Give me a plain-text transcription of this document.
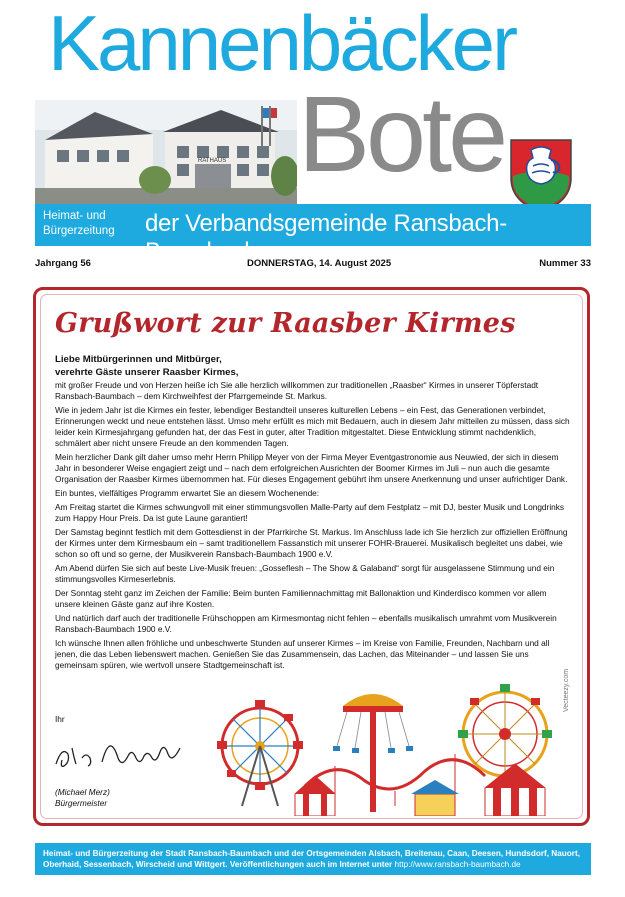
Kannenbäcker
RATHAUS Bote
Heimat- und
Bürgerzeitung der Verbandsgemeinde Ransbach-Baumbach
Jahrgang 56	DONNERSTAG, 14. August 2025	Nummer 33
Grußwort zur Raasber Kirmes
Liebe Mitbürgerinnen und Mitbürger,
verehrte Gäste unserer Raasber Kirmes,

mit großer Freude und von Herzen heiße ich Sie alle herzlich willkommen zur traditionellen „Raasber“ Kirmes in unserer Töpferstadt Ransbach-Baumbach – dem Kirchweihfest der Pfarrgemeinde St. Markus.

Wie in jedem Jahr ist die Kirmes ein fester, lebendiger Bestandteil unseres kulturellen Lebens – ein Fest, das Generationen verbindet, Erinnerungen weckt und neue entstehen lässt. Umso mehr erfüllt es mich mit Bedauern, auch in diesem Jahr mitteilen zu müssen, dass sich leider kein Kirmesjahrgang gefunden hat, der das Fest in guter, alter Tradition mitgestaltet. Diese Entwicklung stimmt nachdenklich, schmälert aber nicht unsere Freude an den kommenden Tagen.

Mein herzlicher Dank gilt daher umso mehr Herrn Philipp Meyer von der Firma Meyer Eventgastronomie aus Neuwied, der sich in diesem Jahr in besonderer Weise engagiert zeigt und – nach dem erfolgreichen Ausrichten der Boomer Kirmes im Juli – nun auch die gesamte Organisation der Raasber Kirmes übernommen hat. Für dieses Engagement gebührt ihm unsere Anerkennung und unser aufrichtiger Dank.

Ein buntes, vielfältiges Programm erwartet Sie an diesem Wochenende:

Am Freitag startet die Kirmes schwungvoll mit einer stimmungsvollen Malle-Party auf dem Festplatz – mit DJ, bester Musik und Longdrinks zum Happy Hour Preis. Da ist gute Laune garantiert!

Der Samstag beginnt festlich mit dem Gottesdienst in der Pfarrkirche St. Markus. Im Anschluss lade ich Sie herzlich zur offiziellen Eröffnung der Kirmes unter dem Kirmesbaum ein – samt traditionellem Fassanstich mit unserer FOHR-Brauerei. Musikalisch begleitet uns dabei, wie schon so oft und so gerne, der Musikverein Ransbach-Baumbach 1900 e.V.

Am Abend dürfen Sie sich auf beste Live-Musik freuen: „Gosseflesh – The Show & Galaband“ sorgt für ausgelassene Stimmung und ein stimmungsvolles Kirmeserlebnis.

Der Sonntag steht ganz im Zeichen der Familie: Beim bunten Familiennachmittag mit Ballonaktion und Kinderdisco kommen vor allem unsere kleinen Gäste ganz auf ihre Kosten.

Und natürlich darf auch der traditionelle Frühschoppen am Kirmesmontag nicht fehlen – ebenfalls musikalisch umrahmt vom Musikverein Ransbach-Baumbach 1900 e.V.

Ich wünsche Ihnen allen fröhliche und unbeschwerte Stunden auf unserer Kirmes – im Kreise von Familie, Freunden, Nachbarn und all jenen, die das Leben liebenswert machen. Genießen Sie das Zusammensein, das Lachen, das Miteinander – und lassen Sie uns gemeinsam spüren, wie wertvoll unsere Stadtgemeinschaft ist.

Ihr
(Michael Merz)
Bürgermeister
Vecteezy.com
Heimat- und Bürgerzeitung der Stadt Ransbach-Baumbach und der Ortsgemeinden Alsbach, Breitenau, Caan, Deesen, Hundsdorf, Nauort, Oberhaid, Sessenbach, Wirscheid und Wittgert. Veröffentlichungen auch im Internet unter http://www.ransbach-baumbach.de
